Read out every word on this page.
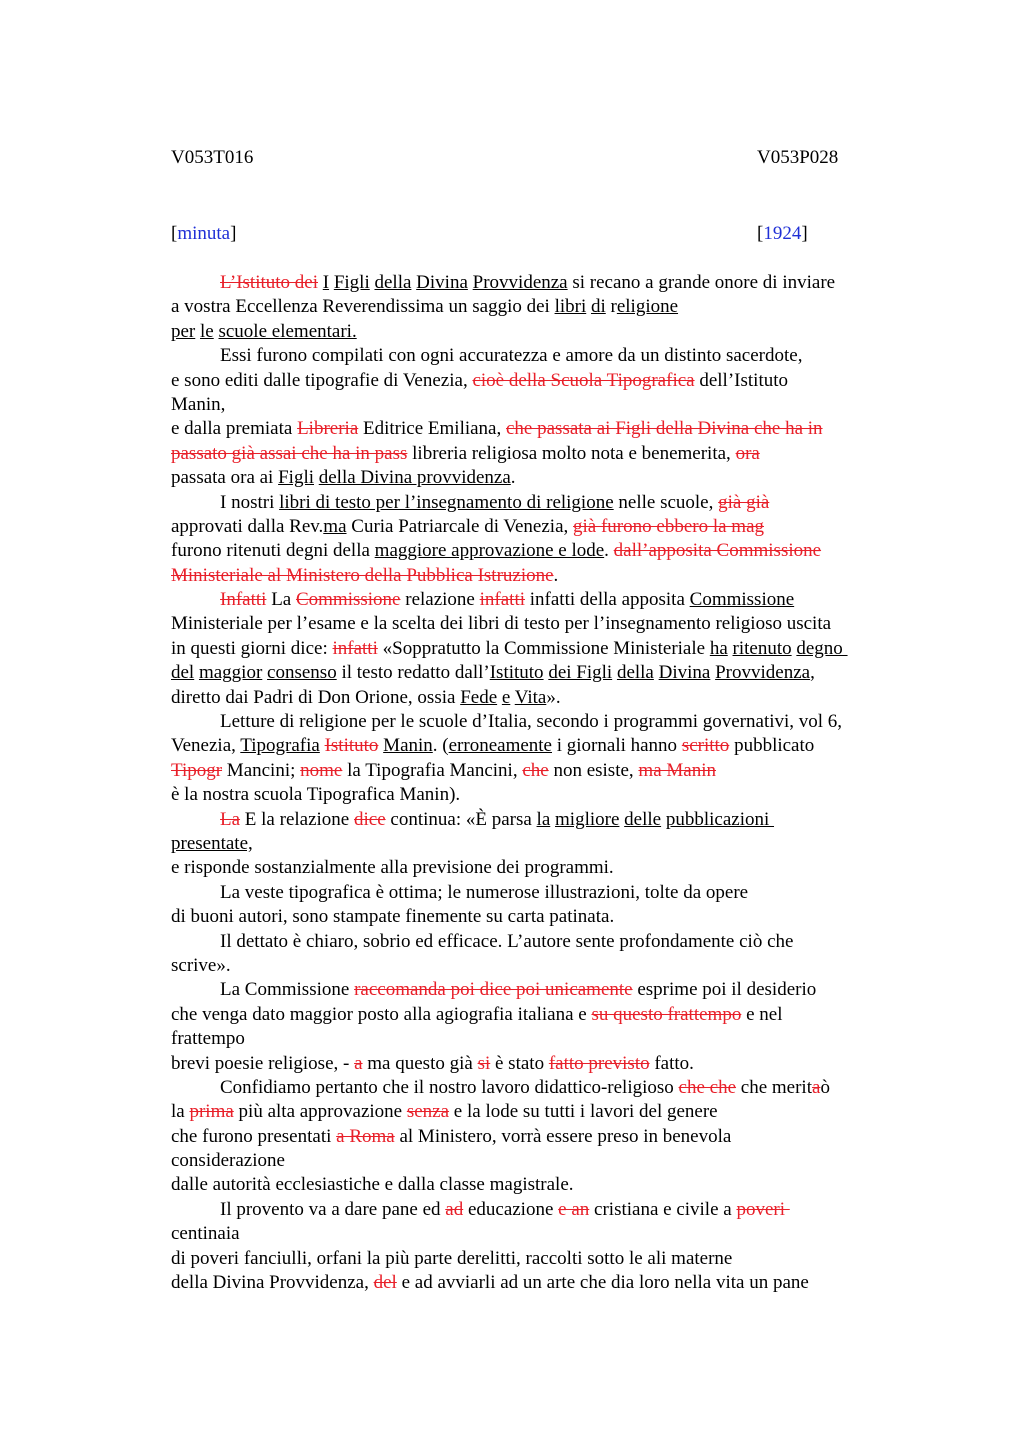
V053T016	V053P028
[minuta]	[1924]
L’Istituto dei I Figli della Divina Provvidenza si recano a grande onore di inviare
a vostra Eccellenza Reverendissima un saggio dei libri di religione
per le scuole elementari.
Essi furono compilati con ogni accuratezza e amore da un distinto sacerdote,
e sono editi dalle tipografie di Venezia, cioè della Scuola Tipografica dell’Istituto
Manin,
e dalla premiata Libreria Editrice Emiliana, che passata ai Figli della Divina che ha in
passato già assai che ha in pass libreria religiosa molto nota e benemerita, ora
passata ora ai Figli della Divina provvidenza.
I nostri libri di testo per l’insegnamento di religione nelle scuole, già già
approvati dalla Rev.ma Curia Patriarcale di Venezia, già furono ebbero la mag
furono ritenuti degni della maggiore approvazione e lode. dall’apposita Commissione
Ministeriale al Ministero della Pubblica Istruzione.
Infatti La Commissione relazione infatti infatti della apposita Commissione
Ministeriale per l’esame e la scelta dei libri di testo per l’insegnamento religioso uscita
in questi giorni dice: infatti «Soppratutto la Commissione Ministeriale ha ritenuto degno
del maggior consenso il testo redatto dall’Istituto dei Figli della Divina Provvidenza,
diretto dai Padri di Don Orione, ossia Fede e Vita».
Letture di religione per le scuole d’Italia, secondo i programmi governativi, vol 6,
Venezia, Tipografia Istituto Manin. (erroneamente i giornali hanno scritto pubblicato
Tipogr Mancini; nome la Tipografia Mancini, che non esiste, ma Manin
è la nostra scuola Tipografica Manin).
La E la relazione dice continua: «È parsa la migliore delle pubblicazioni
presentate,
e risponde sostanzialmente alla previsione dei programmi.
La veste tipografica è ottima; le numerose illustrazioni, tolte da opere
di buoni autori, sono stampate finemente su carta patinata.
Il dettato è chiaro, sobrio ed efficace. L’autore sente profondamente ciò che
scrive».
La Commissione raccomanda poi dice poi unicamente esprime poi il desiderio
che venga dato maggior posto alla agiografia italiana e su questo frattempo e nel
frattempo
brevi poesie religiose, - a ma questo già si è stato fatto previsto fatto.
Confidiamo pertanto che il nostro lavoro didattico-religioso che che che meritaò
la prima più alta approvazione senza e la lode su tutti i lavori del genere
che furono presentati a Roma al Ministero, vorrà essere preso in benevola
considerazione
dalle autorità ecclesiastiche e dalla classe magistrale.
Il provento va a dare pane ed ad educazione e an cristiana e civile a poveri
centinaia
di poveri fanciulli, orfani la più parte derelitti, raccolti sotto le ali materne
della Divina Provvidenza, del e ad avviarli ad un arte che dia loro nella vita un pane
